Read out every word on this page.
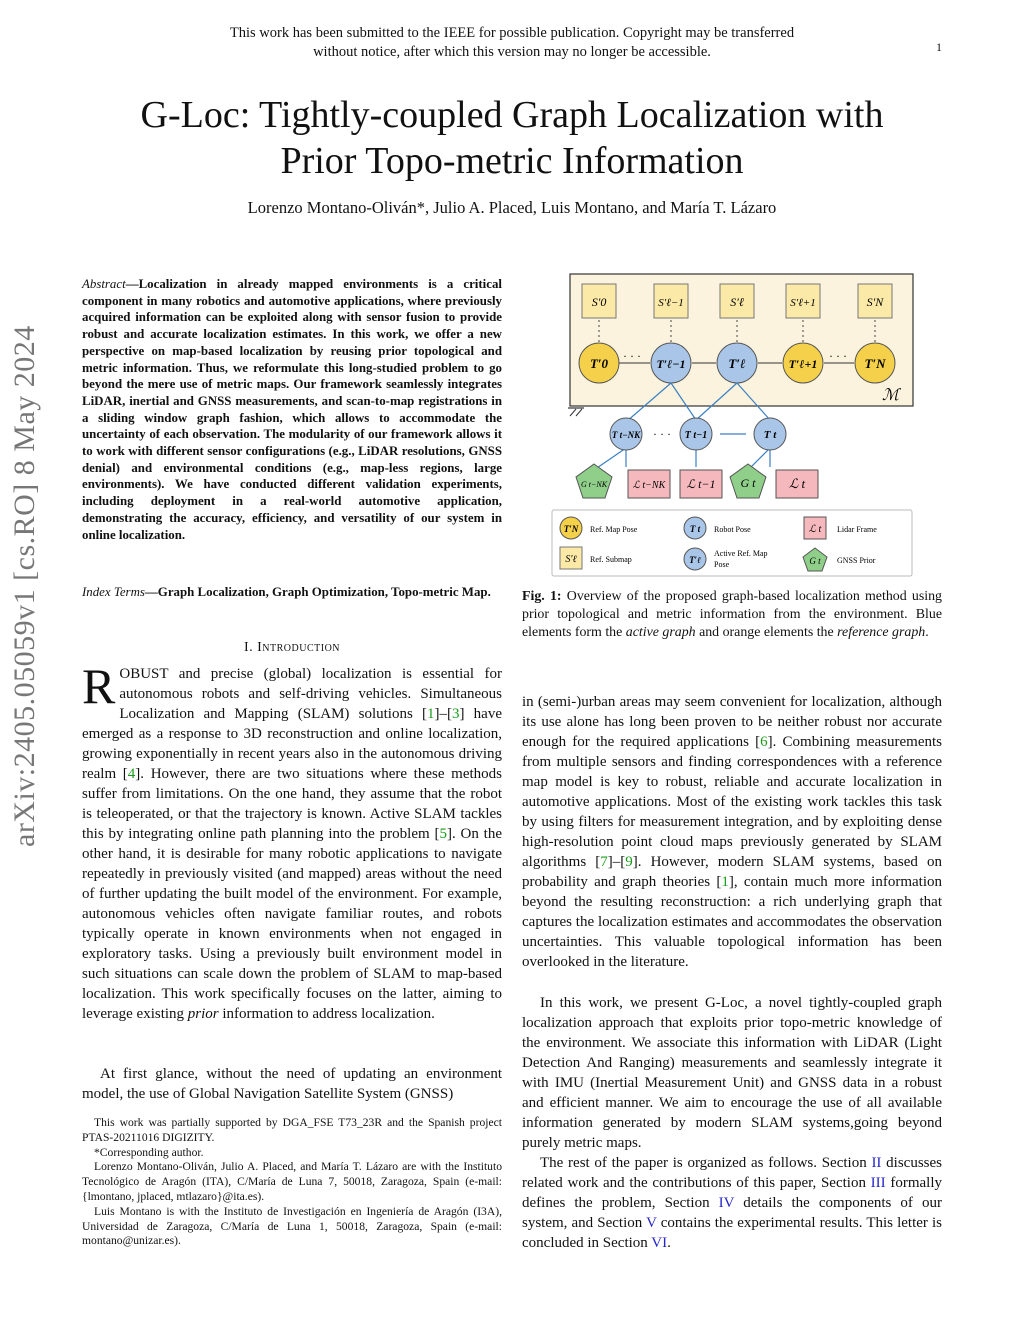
This work has been submitted to the IEEE for possible publication. Copyright may be transferred
without notice, after which this version may no longer be accessible.	1
arXiv:2405.05059v1 [cs.RO] 8 May 2024
G-Loc: Tightly-coupled Graph Localization with
Prior Topo-metric Information
Lorenzo Montano-Oliván*, Julio A. Placed, Luis Montano, and María T. Lázaro
Abstract—Localization in already mapped environments is a critical component in many robotics and automotive applications, where previously acquired information can be exploited along with sensor fusion to provide robust and accurate localization estimates. In this work, we offer a new perspective on map-based localization by reusing prior topological and metric information. Thus, we reformulate this long-studied problem to go beyond the mere use of metric maps. Our framework seamlessly integrates LiDAR, inertial and GNSS measurements, and scan-to-map registrations in a sliding window graph fashion, which allows to accommodate the uncertainty of each observation. The modularity of our framework allows it to work with different sensor configurations (e.g., LiDAR resolutions, GNSS denial) and environmental conditions (e.g., map-less regions, large environments). We have conducted different validation experiments, including deployment in a real-world automotive application, demonstrating the accuracy, efficiency, and versatility of our system in online localization.
Index Terms—Graph Localization, Graph Optimization, Topo-metric Map.
I. Introduction
ROBUST and precise (global) localization is essential for autonomous robots and self-driving vehicles. Simultaneous Localization and Mapping (SLAM) solutions [1]–[3] have emerged as a response to 3D reconstruction and online localization, growing exponentially in recent years also in the autonomous driving realm [4]. However, there are two situations where these methods suffer from limitations. On the one hand, they assume that the robot is teleoperated, or that the trajectory is known. Active SLAM tackles this by integrating online path planning into the problem [5]. On the other hand, it is desirable for many robotic applications to navigate repeatedly in previously visited (and mapped) areas without the need of further updating the built model of the environment. For example, autonomous vehicles often navigate familiar routes, and robots typically operate in known environments when not engaged in exploratory tasks. Using a previously built environment model in such situations can scale down the problem of SLAM to map-based localization. This work specifically focuses on the latter, aiming to leverage existing prior information to address localization.
At first glance, without the need of updating an environment model, the use of Global Navigation Satellite System (GNSS)

This work was partially supported by DGA_FSE T73_23R and the Spanish project PTAS-20211016 DIGIZITY.

*Corresponding author.

Lorenzo Montano-Oliván, Julio A. Placed, and María T. Lázaro are with the Instituto Tecnológico de Aragón (ITA), C/María de Luna 7, 50018, Zaragoza, Spain (e-mail: {lmontano, jplaced, mtlazaro}@ita.es).

Luis Montano is with the Instituto de Investigación en Ingeniería de Aragón (I3A), Universidad de Zaragoza, C/María de Luna 1, 50018, Zaragoza, Spain (e-mail: montano@unizar.es).

ℳ
S′0	S′ℓ−1	S′ℓ	S′ℓ+1	S′N
· · ·	· · ·
T′0	T′ℓ−1	T′ℓ	T′ℓ+1	T′N
T t−NK	T t−1	T t
· · ·
G t−NK	G t
ℒ t−NK ℒ t−1	ℒ t
T′N Ref. Map Pose	T t Robot Pose	ℒ t Lidar Frame
S′ℓ Ref. Submap	T′ℓ
Active Ref. Map
Pose	G t GNSS Prior
Fig. 1: Overview of the proposed graph-based localization method using prior topological and metric information from the environment. Blue elements form the active graph and orange elements the reference graph.
in (semi-)urban areas may seem convenient for localization, although its use alone has long been proven to be neither robust nor accurate enough for the required applications [6]. Combining measurements from multiple sensors and finding correspondences with a reference map model is key to robust, reliable and accurate localization in automotive applications. Most of the existing work tackles this task by using filters for measurement integration, and by exploiting dense high-resolution point cloud maps previously generated by SLAM algorithms [7]–[9]. However, modern SLAM systems, based on probability and graph theories [1], contain much more information beyond the resulting reconstruction: a rich underlying graph that captures the localization estimates and accommodates the observation uncertainties. This valuable topological information has been overlooked in the literature.
In this work, we present G-Loc, a novel tightly-coupled graph localization approach that exploits prior topo-metric knowledge of the environment. We associate this information with LiDAR (Light Detection And Ranging) measurements and seamlessly integrate it with IMU (Inertial Measurement Unit) and GNSS data in a robust and efficient manner. We aim to encourage the use of all available information generated by modern SLAM systems,going beyond purely metric maps.
The rest of the paper is organized as follows. Section II discusses related work and the contributions of this paper, Section III formally defines the problem, Section IV details the components of our system, and Section V contains the experimental results. This letter is concluded in Section VI.
